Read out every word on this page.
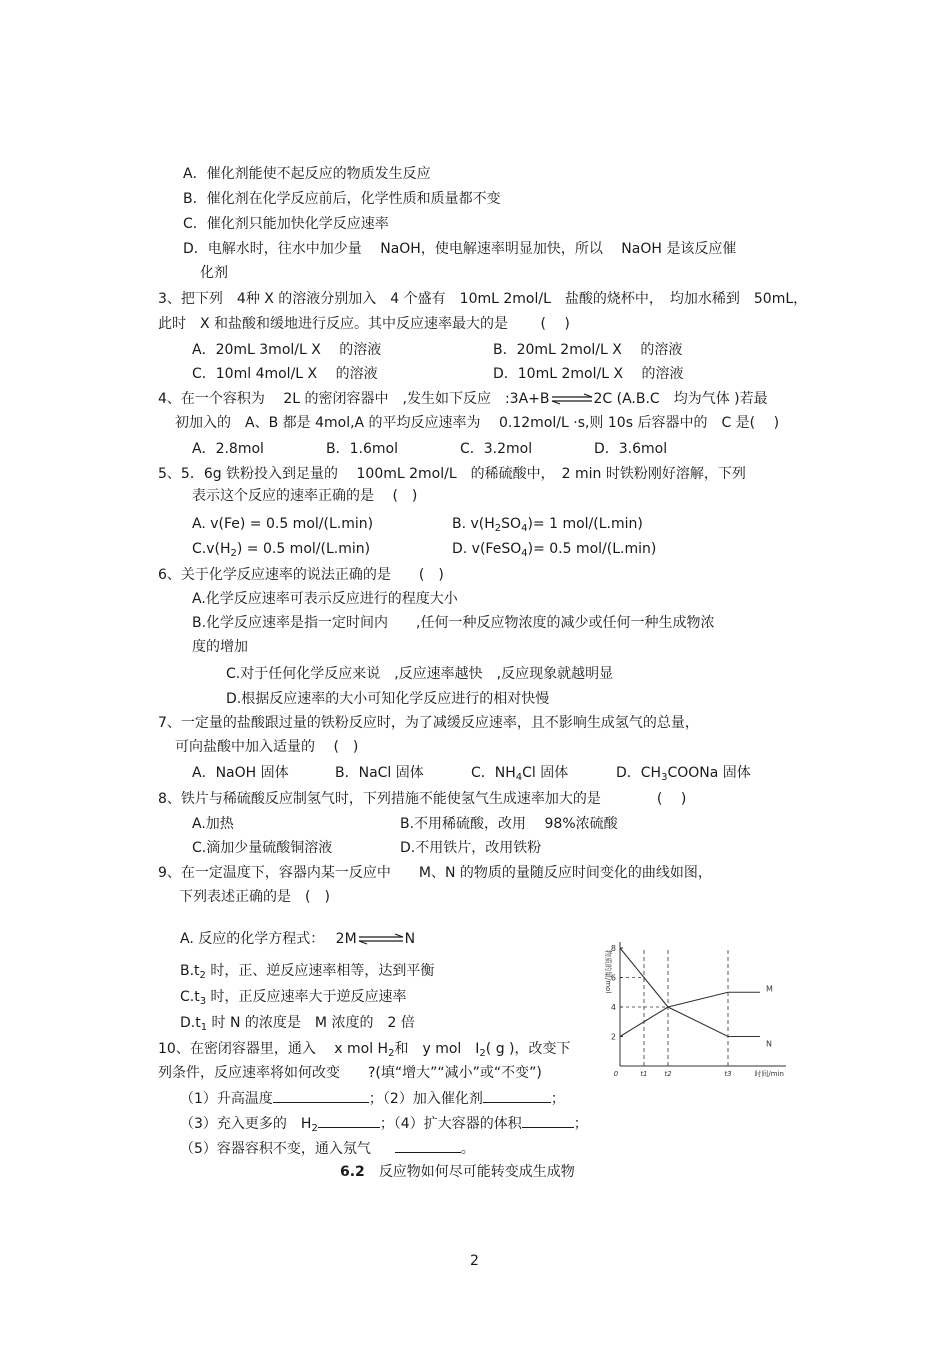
A．催化剂能使不起反应的物质发生反应
B．催化剂在化学反应前后，化学性质和质量都不变
C．催化剂只能加快化学反应速率
D．电解水时，往水中加少量　 NaOH，使电解速率明显加快，所以　 NaOH 是该反应催
化剂
3、把下列　4种 X 的溶液分别加入　4 个盛有　10mL 2mol/L　盐酸的烧杯中，　均加水稀到　50mL，
此时　X 和盐酸和缓地进行反应。其中反应速率最大的是　　 (　 )
A．20mL 3mol/L X　 的溶液	B．20mL 2mol/L X　 的溶液
C．10ml 4mol/L X　 的溶液	D．10mL 2mol/L X　 的溶液
4、在一个容积为　 2L 的密闭容器中　,发生如下反应　:3A+B⇌2C (A.B.C　均为气体 )若最
初加入的　A、B 都是 4mol,A 的平均反应速率为　 0.12mol/L ·s,则 10s 后容器中的　C 是(　 )
A．2.8mol	B．1.6mol	C．3.2mol	D．3.6mol
5、5．6g 铁粉投入到足量的　 100mL 2mol/L　的稀硫酸中，　2 min 时铁粉刚好溶解，下列
表示这个反应的速率正确的是　 (　)
A. v(Fe) = 0.5 mol/(L.min)	B. $v(H_2SO_4)= 1$ mol/(L.min)
$C.v(H_2) = 0.5$ mol/(L.min)	D. v(FeSO$_4$)= 0.5 mol/(L.min)
6、关于化学反应速率的说法正确的是　　(　)
A.化学反应速率可表示反应进行的程度大小
B.化学反应速率是指一定时间内　　,任何一种反应物浓度的减少或任何一种生成物浓
度的增加
C.对于任何化学反应来说　,反应速率越快　,反应现象就越明显
D.根据反应速率的大小可知化学反应进行的相对快慢
7、一定量的盐酸跟过量的铁粉反应时，为了减缓反应速率，且不影响生成氢气的总量，
可向盐酸中加入适量的　 (　)
A．NaOH 固体	B．NaCl 固体	C．$NH_4Cl$ 固体	D．$CH_3COONa$ 固体
8、铁片与稀硫酸反应制氢气时，下列措施不能使氢气生成速率加大的是　　　　(　 )
A.加热	B.不用稀硫酸，改用　 98%浓硫酸
C.滴加少量硫酸铜溶液	D.不用铁片，改用铁粉
9、在一定温度下，容器内某一反应中　　M、N 的物质的量随反应时间变化的曲线如图，
下列表述正确的是　(　)
A. 反应的化学方程式：　 2M⇌N
$B.t_2$ 时，正、逆反应速率相等，达到平衡
$C.t_3$ 时，正反应速率大于逆反应速率
$D.t_1$ 时 N 的浓度是　M 浓度的　2 倍
2
4
6
8
0	t1 t2	t3
M
N
物质的量/mol
时间/min
10、在密闭容器里，通入　 x mol $H_2$和　y mol　$I_2$( g )，改变下
列条件，反应速率将如何改变　　?(填“增大”“减小”或“不变”)
（1）升高温度	；（2）加入催化剂	；
（3）充入更多的　$H_2$	；（4）扩大容器的体积	；
（5）容器容积不变，通入氖气	。
6.2　 反应物如何尽可能转变成生成物
2
